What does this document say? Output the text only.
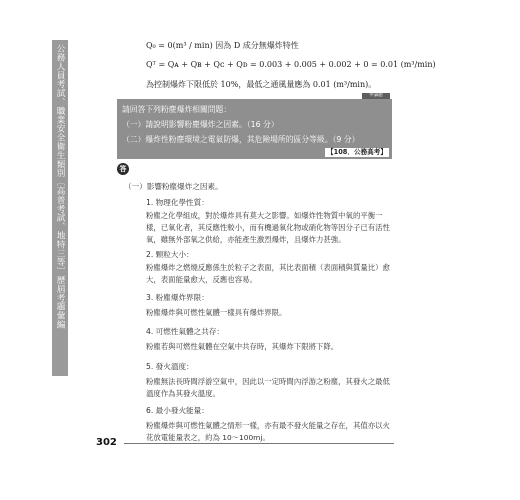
公務人員考試、職業安全衛生類別〔高普考試、地特三等〕歷屆考題彙編	Q₀ = 0(m³ / min) 因為 D 成分無爆炸特性
Qᵀ = Qᴀ + Qʙ + Qᴄ + Qᴅ = 0.003 + 0.005 + 0.002 + 0 = 0.01 (m³/min)
為控制爆炸下限低於 10%，最低之通風量應為 0.01 (m³/min)。
申論題
請回答下列粉塵爆炸相關問題：
（一）請說明影響粉塵爆炸之因素。（16 分）
（二）爆炸性粉塵環境之電氣防爆，其危險場所的區分等級。（9 分）
【108．公務高考】
答
（一）影響粉塵爆炸之因素。
1. 物理化學性質：
粉塵之化學組成，對於爆炸具有莫大之影響。如爆炸性物質中氧的平衡一樣，已氧化者，其反應性較小，而有機過氧化物或硝化物等因分子已有活性氧，雖無外部氧之供給，亦能產生激烈爆炸，且爆炸力甚強。
2. 顆粒大小：
粉塵爆炸之燃燒反應係生於粒子之表面，其比表面積（表面積與質量比）愈大，表面能量愈大，反應也容易。
3. 粉塵爆炸界限：
粉塵爆炸與可燃性氣體一樣具有爆炸界限。
4. 可燃性氣體之共存：
粉塵若與可燃性氣體在空氣中共存時，其爆炸下限將下降。
5. 發火溫度：
粉塵無法長時間浮游空氣中，因此以一定時間內浮游之粉塵，其發火之最低溫度作為其發火溫度。
6. 最小發火能量：
粉塵爆炸與可燃性氣體之情形一樣，亦有最不發火能量之存在，其值亦以火花放電能量表之，約為 10～100mj。
302
